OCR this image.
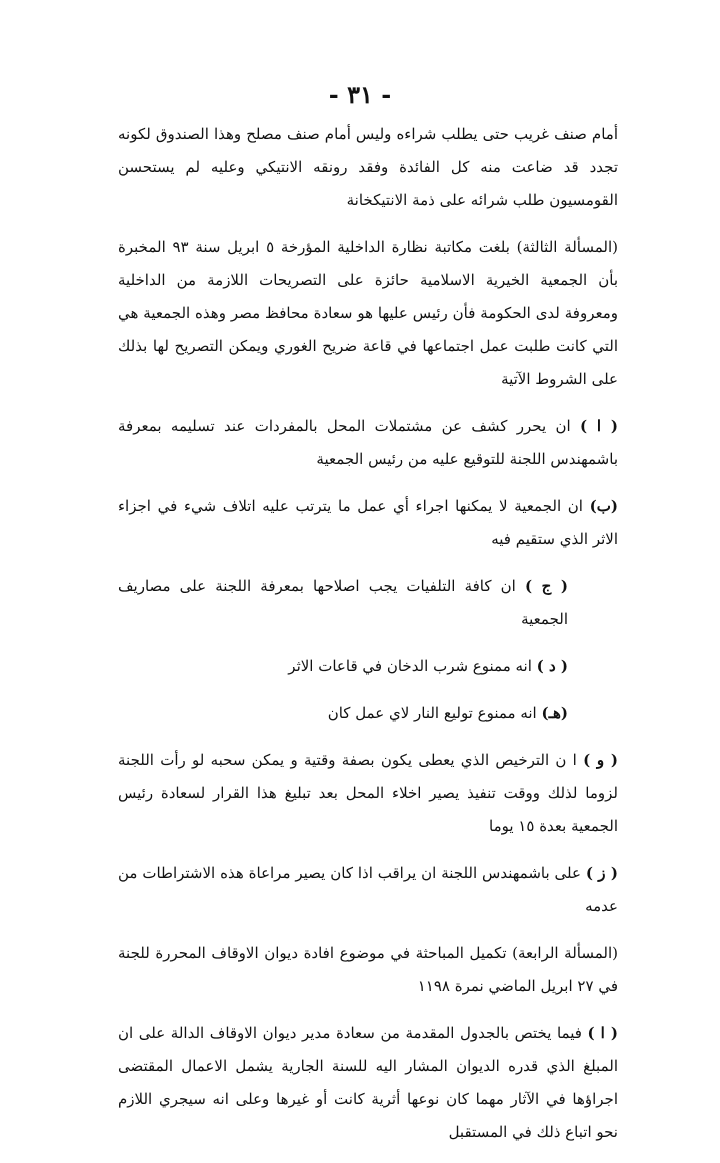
- ٣١ -

أمام صنف غريب حتى يطلب شراءه وليس أمام صنف مصلح وهذا الصندوق لكونه تجدد قد ضاعت منه كل الفائدة وفقد رونقه الانتيكي وعليه لم يستحسن القومسيون طلب شرائه على ذمة الانتيكخانة

(المسألة الثالثة) بلغت مكاتبة نظارة الداخلية المؤرخة ٥ ابريل سنة ٩٣ المخبرة بأن الجمعية الخيرية الاسلامية حائزة على التصريحات اللازمة من الداخلية ومعروفة لدى الحكومة فأن رئيس عليها هو سعادة محافظ مصر وهذه الجمعية هي التي كانت طلبت عمل اجتماعها في قاعة ضريح الغوري ويمكن التصريح لها بذلك على الشروط الآتية

( ا ) ان يحرر كشف عن مشتملات المحل بالمفردات عند تسليمه بمعرفة باشمهندس اللجنة للتوقيع عليه من رئيس الجمعية

(ب) ان الجمعية لا يمكنها اجراء أي عمل ما يترتب عليه اتلاف شيء في اجزاء الاثر الذي ستقيم فيه

( ج ) ان كافة التلفيات يجب اصلاحها بمعرفة اللجنة على مصاريف الجمعية

( د ) انه ممنوع شرب الدخان في قاعات الاثر

(هـ) انه ممنوع توليع النار لاي عمل كان

( و ) ا ن الترخيص الذي يعطى يكون بصفة وقتية و يمكن سحبه لو رأت اللجنة لزوما لذلك ووقت تنفيذ يصير اخلاء المحل بعد تبليغ هذا القرار لسعادة رئيس الجمعية بعدة ١٥ يوما

( ز ) على باشمهندس اللجنة ان يراقب اذا كان يصير مراعاة هذه الاشتراطات من عدمه

(المسألة الرابعة) تكميل المباحثة في موضوع افادة ديوان الاوقاف المحررة للجنة في ٢٧ ابريل الماضي نمرة ١١٩٨

( ا ) فيما يختص بالجدول المقدمة من سعادة مدير ديوان الاوقاف الدالة على ان المبلغ الذي قدره الديوان المشار اليه للسنة الجارية يشمل الاعمال المقتضى اجراؤها في الآثار مهما كان نوعها أثرية كانت أو غيرها وعلى انه سيجري اللازم نحو اتباع ذلك في المستقبل
